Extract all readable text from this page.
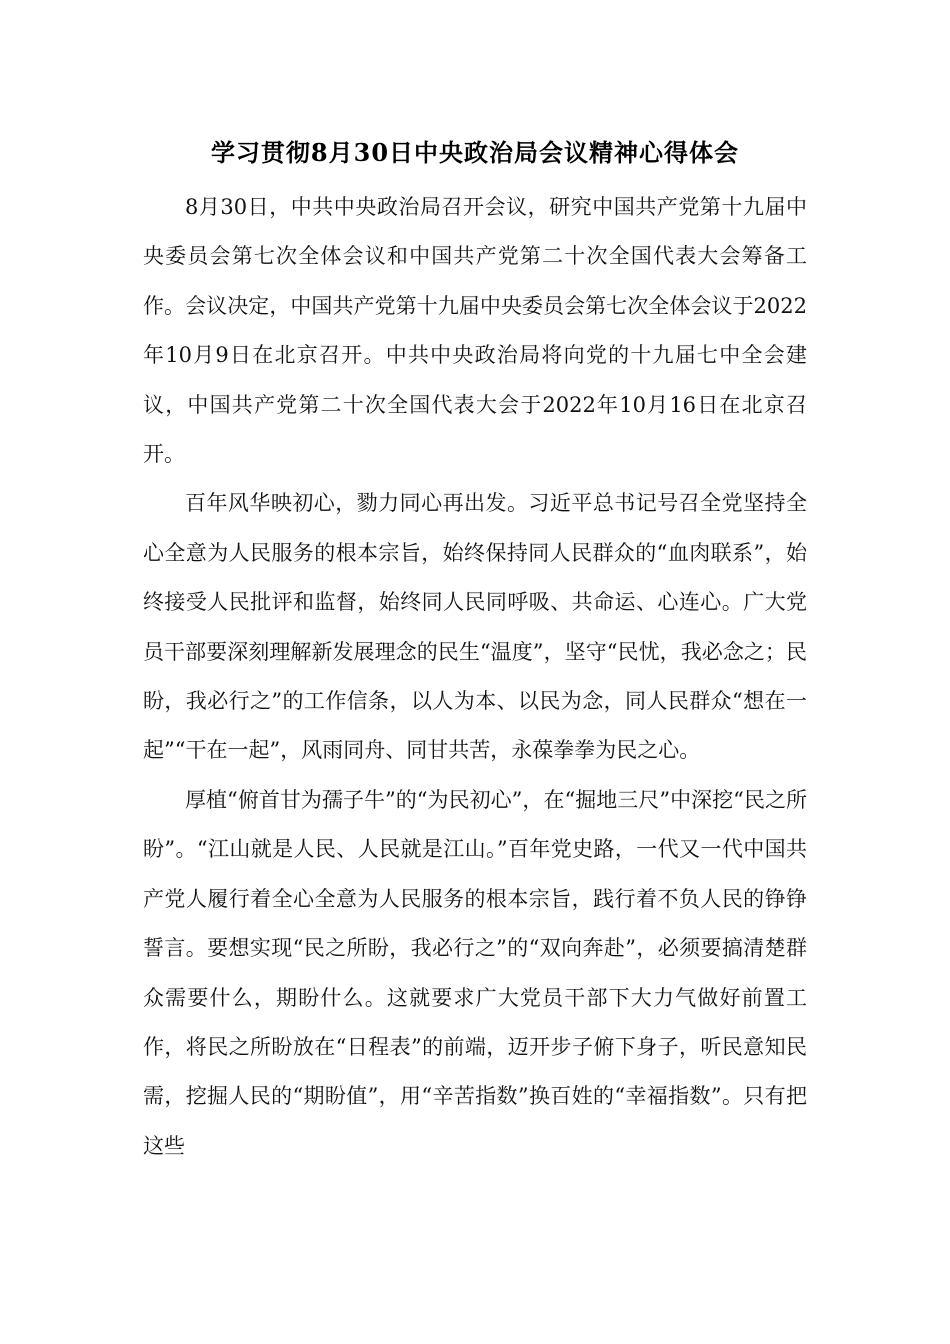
学习贯彻8月30日中央政治局会议精神心得体会

8月30日，中共中央政治局召开会议，研究中国共产党第十九届中央委员会第七次全体会议和中国共产党第二十次全国代表大会筹备工作。会议决定，中国共产党第十九届中央委员会第七次全体会议于2022年10月9日在北京召开。中共中央政治局将向党的十九届七中全会建议，中国共产党第二十次全国代表大会于2022年10月16日在北京召开。

百年风华映初心，勠力同心再出发。习近平总书记号召全党坚持全心全意为人民服务的根本宗旨，始终保持同人民群众的“血肉联系”，始终接受人民批评和监督，始终同人民同呼吸、共命运、心连心。广大党员干部要深刻理解新发展理念的民生“温度”，坚守“民忧，我必念之；民盼，我必行之”的工作信条，以人为本、以民为念，同人民群众“想在一起”“干在一起”，风雨同舟、同甘共苦，永葆拳拳为民之心。

厚植“俯首甘为孺子牛”的“为民初心”，在“掘地三尺”中深挖“民之所盼”。“江山就是人民、人民就是江山。”百年党史路，一代又一代中国共产党人履行着全心全意为人民服务的根本宗旨，践行着不负人民的铮铮誓言。要想实现“民之所盼，我必行之”的“双向奔赴”，必须要搞清楚群众需要什么，期盼什么。这就要求广大党员干部下大力气做好前置工作，将民之所盼放在“日程表”的前端，迈开步子俯下身子，听民意知民需，挖掘人民的“期盼值”，用“辛苦指数”换百姓的“幸福指数”。只有把这些
